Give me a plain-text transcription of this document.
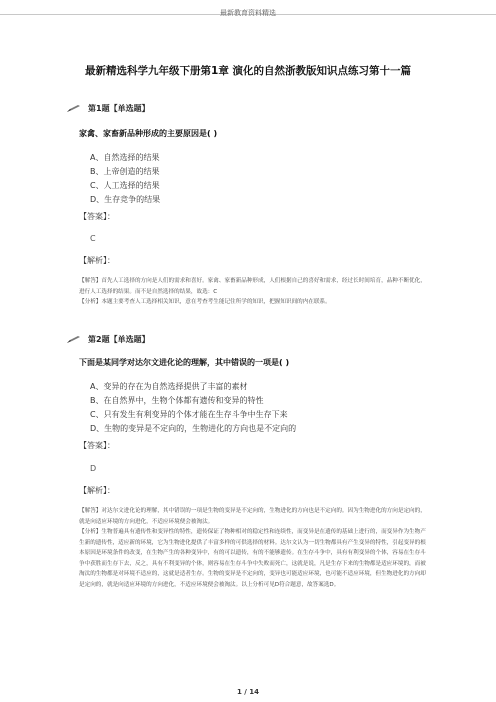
最新教育资料精选
最新精选科学九年级下册第1章 演化的自然浙教版知识点练习第十一篇
第1题【单选题】
家禽、家畜新品种形成的主要原因是( )
A、自然选择的结果
B、上帝创造的结果
C、人工选择的结果
D、生存竞争的结果
【答案】：
C
【解析】：
【解答】首先人工选择的方向是人们的需求和喜好。家禽、家畜新品种形成，人们根据自己的喜好和需求，经过长时间培育，品种不断优化，进行人工选择的结果。而不是自然选择的结果，故选：C
【分析】本题主要考查人工选择相关知识，意在考查考生能记住所学的知识，把握知识间的内在联系。
第2题【单选题】
下面是某同学对达尔文进化论的理解，其中错误的一项是( )
A、变异的存在为自然选择提供了丰富的素材
B、在自然界中，生物个体都有遗传和变异的特性
C、只有发生有利变异的个体才能在生存斗争中生存下来
D、生物的变异是不定向的，生物进化的方向也是不定向的
【答案】：
D
【解析】：
【解答】对达尔文进化论的理解，其中错误的一项是生物的变异是不定向的，生物进化的方向也是不定向的。因为生物进化的方向是定向的，就是向适应环境的方向进化，不适应环境便会被淘汰。
【分析】生物普遍具有遗传性和变异性的特性，遗传保证了物种相对的稳定性和连续性，而变异是在遗传的基础上进行的，而变异作为生物产生新的遗传性，适应新的环境，它为生物进化提供了丰富多样的可供选择的材料。达尔文认为一切生物都具有产生变异的特性，引起变异的根本原因是环境条件的改变，在生物产生的各种变异中，有的可以遗传，有的不能够遗传。在生存斗争中，具有有利变异的个体，容易在生存斗争中获胜而生存下去，反之，具有不利变异的个体，则容易在生存斗争中失败而死亡，这就是说，凡是生存下来的生物都是适应环境的，而被淘汰的生物都是对环境不适应的，这就是适者生存。生物的变异是不定向的，变异也可能适应环境，也可能不适应环境，但生物进化的方向却是定向的，就是向适应环境的方向进化，不适应环境便会被淘汰。以上分析可见D符合题意，故答案选D。
1 / 14
